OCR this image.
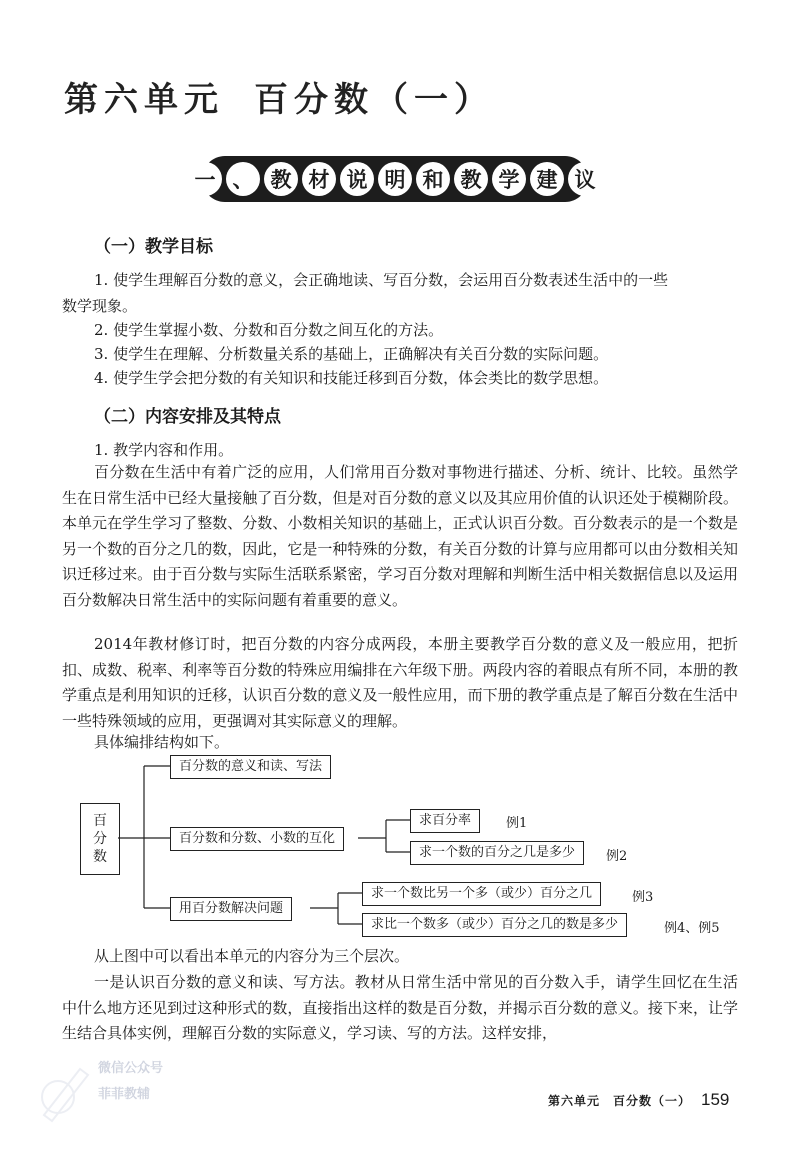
第六单元 百分数（一）
一 、 教 材 说 明 和 教 学 建 议
（一）教学目标

1. 使学生理解百分数的意义，会正确地读、写百分数，会运用百分数表述生活中的一些

数学现象。

2. 使学生掌握小数、分数和百分数之间互化的方法。

3. 使学生在理解、分析数量关系的基础上，正确解决有关百分数的实际问题。

4. 使学生学会把分数的有关知识和技能迁移到百分数，体会类比的数学思想。

（二）内容安排及其特点

1. 教学内容和作用。

百分数在生活中有着广泛的应用，人们常用百分数对事物进行描述、分析、统计、比较。虽然学生在日常生活中已经大量接触了百分数，但是对百分数的意义以及其应用价值的认识还处于模糊阶段。本单元在学生学习了整数、分数、小数相关知识的基础上，正式认识百分数。百分数表示的是一个数是另一个数的百分之几的数，因此，它是一种特殊的分数，有关百分数的计算与应用都可以由分数相关知识迁移过来。由于百分数与实际生活联系紧密，学习百分数对理解和判断生活中相关数据信息以及运用百分数解决日常生活中的实际问题有着重要的意义。

2014年教材修订时，把百分数的内容分成两段，本册主要教学百分数的意义及一般应用，把折扣、成数、税率、利率等百分数的特殊应用编排在六年级下册。两段内容的着眼点有所不同，本册的教学重点是利用知识的迁移，认识百分数的意义及一般性应用，而下册的教学重点是了解百分数在生活中一些特殊领域的应用，更强调对其实际意义的理解。

具体编排结构如下。

百
分
数
百分数的意义和读、写法
百分数和分数、小数的互化
用百分数解决问题
求百分率	例1
求一个数的百分之几是多少	例2
求一个数比另一个多（或少）百分之几	例3
求比一个数多（或少）百分之几的数是多少	例4、例5

从上图中可以看出本单元的内容分为三个层次。

一是认识百分数的意义和读、写方法。教材从日常生活中常见的百分数入手，请学生回忆在生活中什么地方还见到过这种形式的数，直接指出这样的数是百分数，并揭示百分数的意义。接下来，让学生结合具体实例，理解百分数的实际意义，学习读、写的方法。这样安排，

微信公众号
菲菲教辅	第六单元　百分数（一） 159
